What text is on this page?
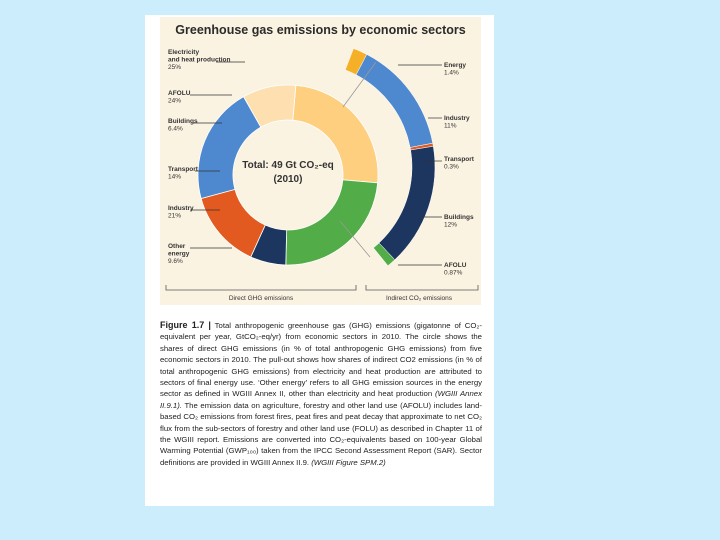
Greenhouse gas emissions by economic sectors
Total: 49 Gt CO₂-eq
(2010)
Electricity
and heat production
25%
AFOLU
24%
Buildings
6.4%
Transport
14%
Industry
21%
Other
energy
9.6%
Energy
1.4%
Industry
11%
Transport
0.3%
Buildings
12%
AFOLU
0.87%
Direct GHG emissions	Indirect CO₂ emissions

Figure 1.7 | Total anthropogenic greenhouse gas (GHG) emissions (gigatonne of CO₂-equivalent per year, GtCO₂-eq/yr) from economic sectors in 2010. The circle shows the shares of direct GHG emissions (in % of total anthropogenic GHG emissions) from five economic sectors in 2010. The pull-out shows how shares of indirect CO2 emissions (in % of total anthropogenic GHG emissions) from electricity and heat production are attributed to sectors of final energy use. ‘Other energy’ refers to all GHG emission sources in the energy sector as defined in WGIII Annex II, other than electricity and heat production (WGIII Annex II.9.1). The emission data on agriculture, forestry and other land use (AFOLU) includes land-based CO₂ emissions from forest fires, peat fires and peat decay that approximate to net CO₂ flux from the sub-sectors of forestry and other land use (FOLU) as described in Chapter 11 of the WGIII report. Emissions are converted into CO₂-equivalents based on 100-year Global Warming Potential (GWP₁₀₀) taken from the IPCC Second Assessment Report (SAR). Sector definitions are provided in WGIII Annex II.9. (WGIII Figure SPM.2)
